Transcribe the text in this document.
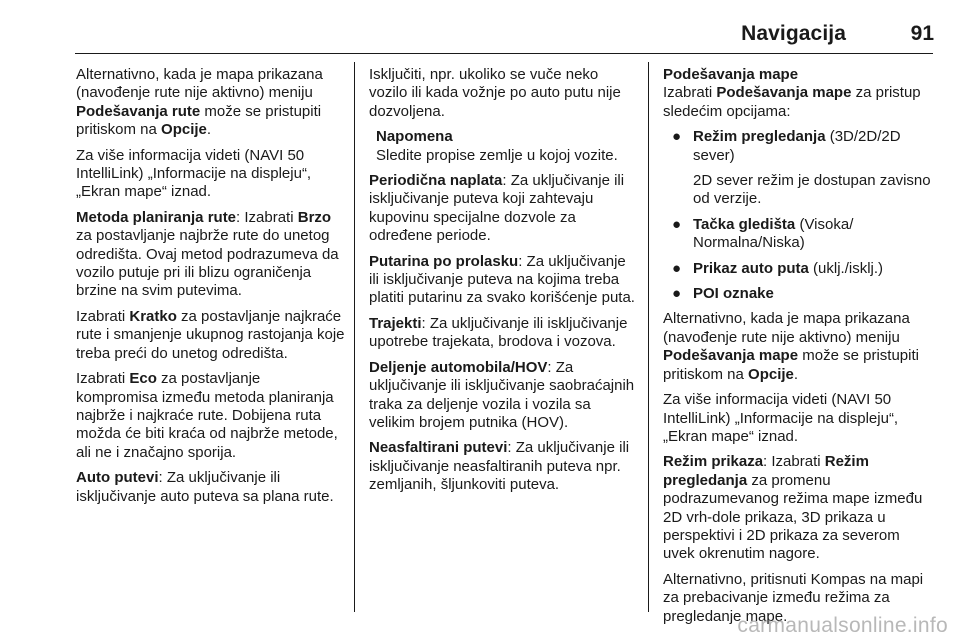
Navigacija	91

Alternativno, kada je mapa prikazana (navođenje rute nije aktivno) meniju Podešavanja rute može se pristupiti pritiskom na Opcije.

Za više informacija videti (NAVI 50 IntelliLink) „Informacije na displeju“, „Ekran mape“ iznad.

Metoda planiranja rute: Izabrati Brzo za postavljanje najbrže rute do unetog odredišta. Ovaj metod podrazumeva da vozilo putuje pri ili blizu ograničenja brzine na svim putevima.

Izabrati Kratko za postavljanje najkraće rute i smanjenje ukupnog rastojanja koje treba preći do unetog odredišta.

Izabrati Eco za postavljanje kompromisa između metoda planiranja najbrže i najkraće rute. Dobijena ruta možda će biti kraća od najbrže metode, ali ne i značajno sporija.

Auto putevi: Za uključivanje ili isključivanje auto puteva sa plana rute.

Isključiti, npr. ukoliko se vuče neko vozilo ili kada vožnje po auto putu nije dozvoljena.

Napomena
Sledite propise zemlje u kojoj vozite.

Periodična naplata: Za uključivanje ili isključivanje puteva koji zahtevaju kupovinu specijalne dozvole za određene periode.

Putarina po prolasku: Za uključivanje ili isključivanje puteva na kojima treba platiti putarinu za svako korišćenje puta.

Trajekti: Za uključivanje ili isključivanje upotrebe trajekata, brodova i vozova.

Deljenje automobila/HOV: Za uključivanje ili isključivanje saobraćajnih traka za deljenje vozila i vozila sa velikim brojem putnika (HOV).

Neasfaltirani putevi: Za uključivanje ili isključivanje neasfaltiranih puteva npr. zemljanih, šljunkoviti puteva.

Podešavanja mape

Izabrati Podešavanja mape za pristup sledećim opcijama:

● Režim pregledanja (3D/2D/2D sever)
2D sever režim je dostupan zavisno od verzije.
● Tačka gledišta (Visoka/ Normalna/Niska)
● Prikaz auto puta (uklj./isklj.)
● POI oznake

Alternativno, kada je mapa prikazana (navođenje rute nije aktivno) meniju Podešavanja mape može se pristupiti pritiskom na Opcije.

Za više informacija videti (NAVI 50 IntelliLink) „Informacije na displeju“, „Ekran mape“ iznad.

Režim prikaza: Izabrati Režim pregledanja za promenu podrazumevanog režima mape između 2D vrh-dole prikaza, 3D prikaza u perspektivi i 2D prikaza za severom uvek okrenutim nagore.

Alternativno, pritisnuti Kompas na mapi za prebacivanje između režima za pregledanje mape.

carmanualsonline.info
